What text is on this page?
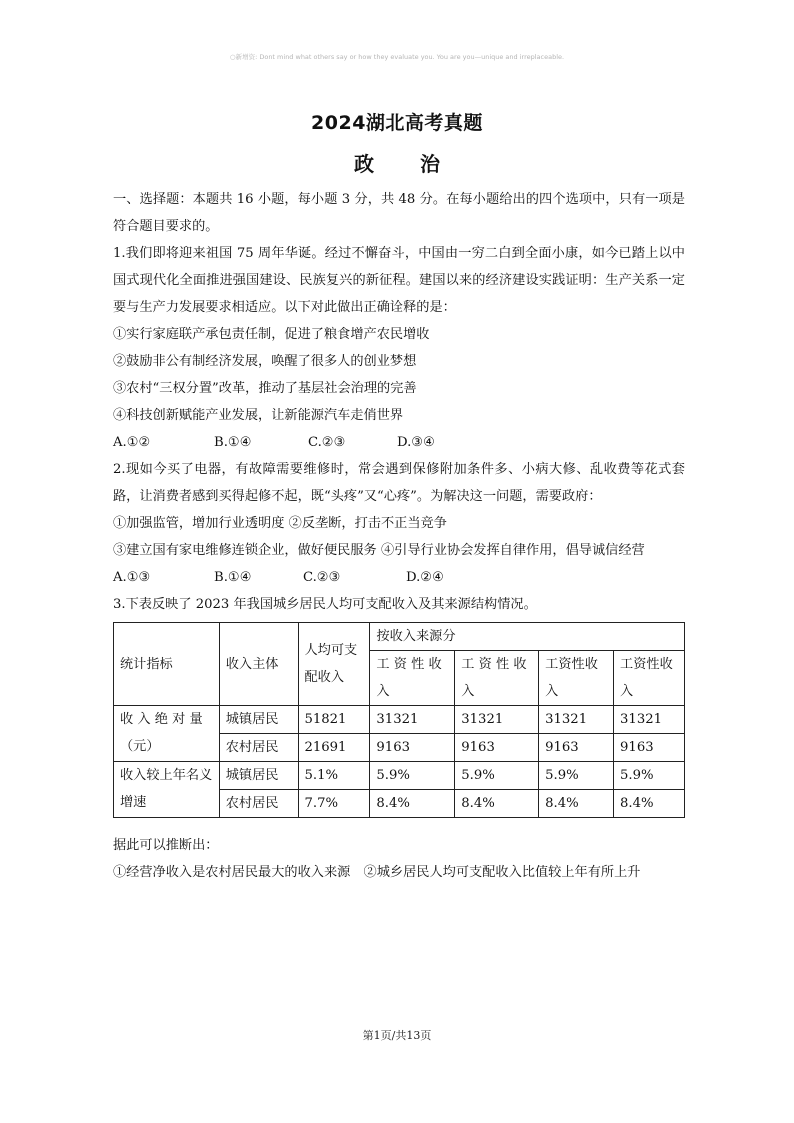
○新增资: Dont mind what others say or how they evaluate you. You are you—unique and irreplaceable.
2024湖北高考真题
政 治

一、选择题：本题共 16 小题，每小题 3 分，共 48 分。在每小题给出的四个选项中，只有一项是符合题目要求的。

1.我们即将迎来祖国 75 周年华诞。经过不懈奋斗，中国由一穷二白到全面小康，如今已踏上以中国式现代化全面推进强国建设、民族复兴的新征程。建国以来的经济建设实践证明：生产关系一定要与生产力发展要求相适应。以下对此做出正确诠释的是：

①实行家庭联产承包责任制，促进了粮食增产农民增收

②鼓励非公有制经济发展，唤醒了很多人的创业梦想

③农村“三权分置”改革，推动了基层社会治理的完善

④科技创新赋能产业发展，让新能源汽车走俏世界

A.①②	B.①④	C.②③	D.③④

2.现如今买了电器，有故障需要维修时，常会遇到保修附加条件多、小病大修、乱收费等花式套路，让消费者感到买得起修不起，既“头疼”又“心疼”。为解决这一问题，需要政府：

①加强监管，增加行业透明度 ②反垄断，打击不正当竞争

③建立国有家电维修连锁企业，做好便民服务 ④引导行业协会发挥自律作用，倡导诚信经营

A.①③	B.①④	C.②③	D.②④

3.下表反映了 2023 年我国城乡居民人均可支配收入及其来源结构情况。

统计指标	收入主体	人均可支配收入	按收入来源分			
			工 资 性 收入	工 资 性 收入	工资性收入	工资性收入
收 入 绝 对 量（元）	城镇居民	51821	31321	31321	31321	31321
	农村居民	21691	9163	9163	9163	9163
收入较上年名义增速	城镇居民	5.1%	5.9%	5.9%	5.9%	5.9%
	农村居民	7.7%	8.4%	8.4%	8.4%	8.4%

据此可以推断出：

①经营净收入是农村居民最大的收入来源　②城乡居民人均可支配收入比值较上年有所上升

第1页/共13页
